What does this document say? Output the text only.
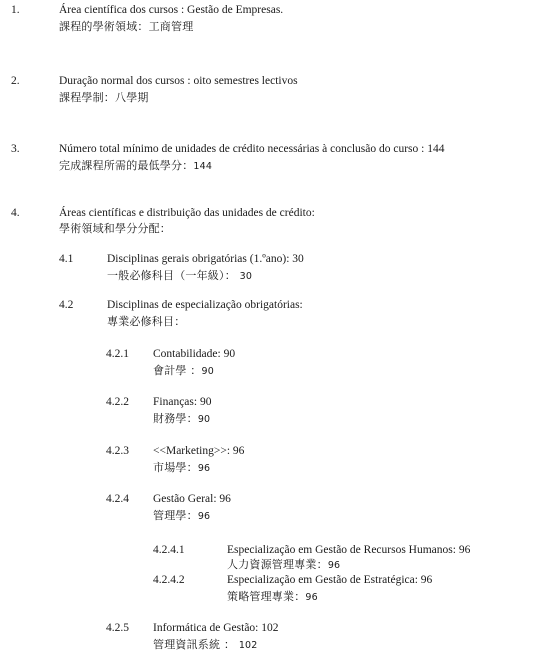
1.	Área científica dos cursos : Gestão de Empresas.
課程的學術領域：工商管理
2.	Duração normal dos cursos : oito semestres lectivos
課程學制：八學期
3.	Número total mínimo de unidades de crédito necessárias à conclusão do curso : 144
完成課程所需的最低學分：144
4.	Áreas científicas e distribuição das unidades de crédito:
學術領域和學分分配：
4.1	Disciplinas gerais obrigatórias (1.ºano): 30
一般必修科目（一年級）： 30
4.2	Disciplinas de especialização obrigatórias:
專業必修科目：
4.2.1 Contabilidade: 90
會計學 ：90
4.2.2 Finanças: 90
財務學：90
4.2.3 <<Marketing>>: 96
市場學：96
4.2.4 Gestão Geral: 96
管理學：96
4.2.4.1	Especialização em Gestão de Recursos Humanos: 96
人力資源管理專業：96
4.2.4.2	Especialização em Gestão de Estratégica: 96
策略管理專業：96
4.2.5 Informática de Gestão: 102
管理資訊系統 ： 102
